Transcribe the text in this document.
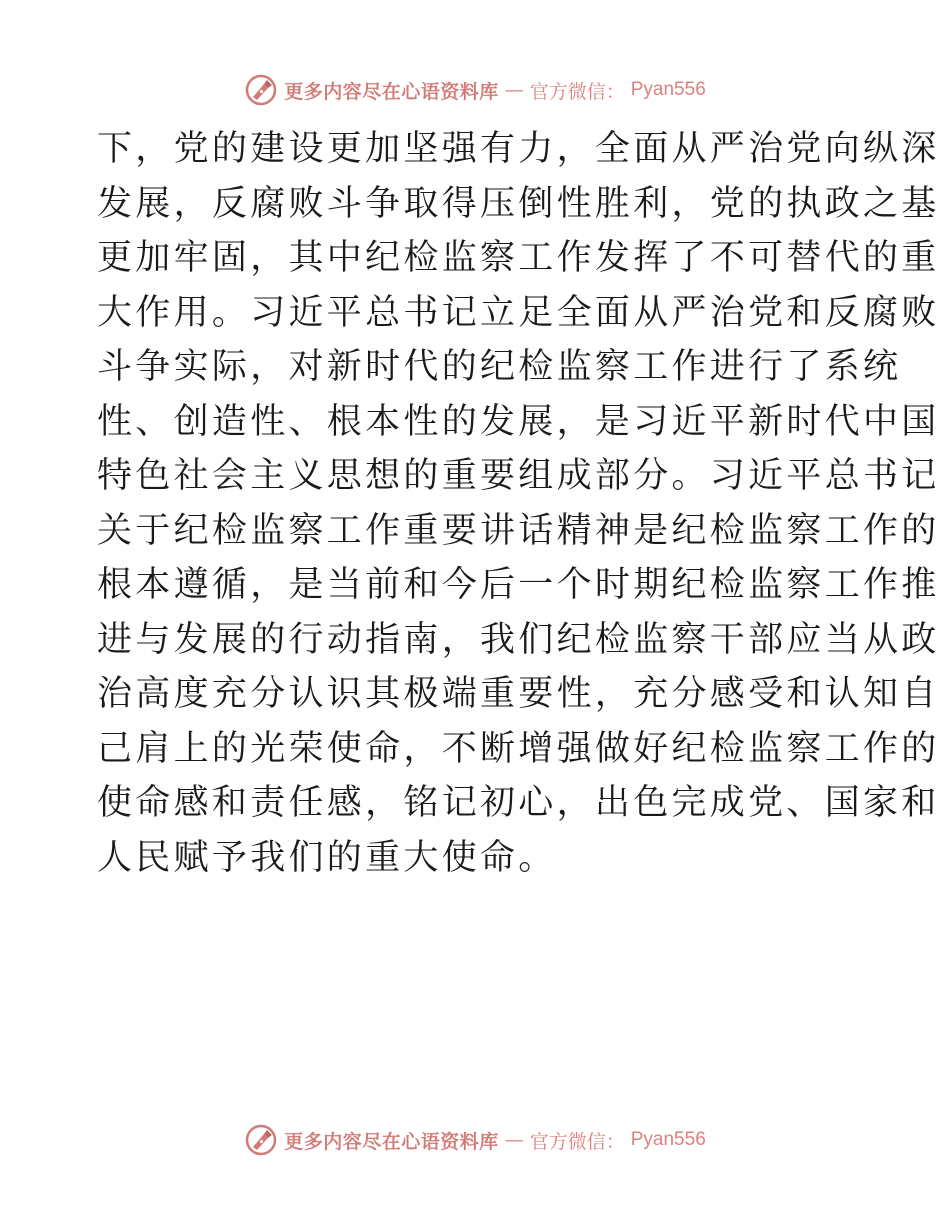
更多内容尽在心语资料库 — 官方微信： Pyan556
下，党的建设更加坚强有力，全面从严治党向纵深
发展，反腐败斗争取得压倒性胜利，党的执政之基
更加牢固，其中纪检监察工作发挥了不可替代的重
大作用。习近平总书记立足全面从严治党和反腐败
斗争实际，对新时代的纪检监察工作进行了系统
性、创造性、根本性的发展，是习近平新时代中国
特色社会主义思想的重要组成部分。习近平总书记
关于纪检监察工作重要讲话精神是纪检监察工作的
根本遵循，是当前和今后一个时期纪检监察工作推
进与发展的行动指南，我们纪检监察干部应当从政
治高度充分认识其极端重要性，充分感受和认知自
己肩上的光荣使命，不断增强做好纪检监察工作的
使命感和责任感，铭记初心，出色完成党、国家和
人民赋予我们的重大使命。
更多内容尽在心语资料库 — 官方微信： Pyan556
